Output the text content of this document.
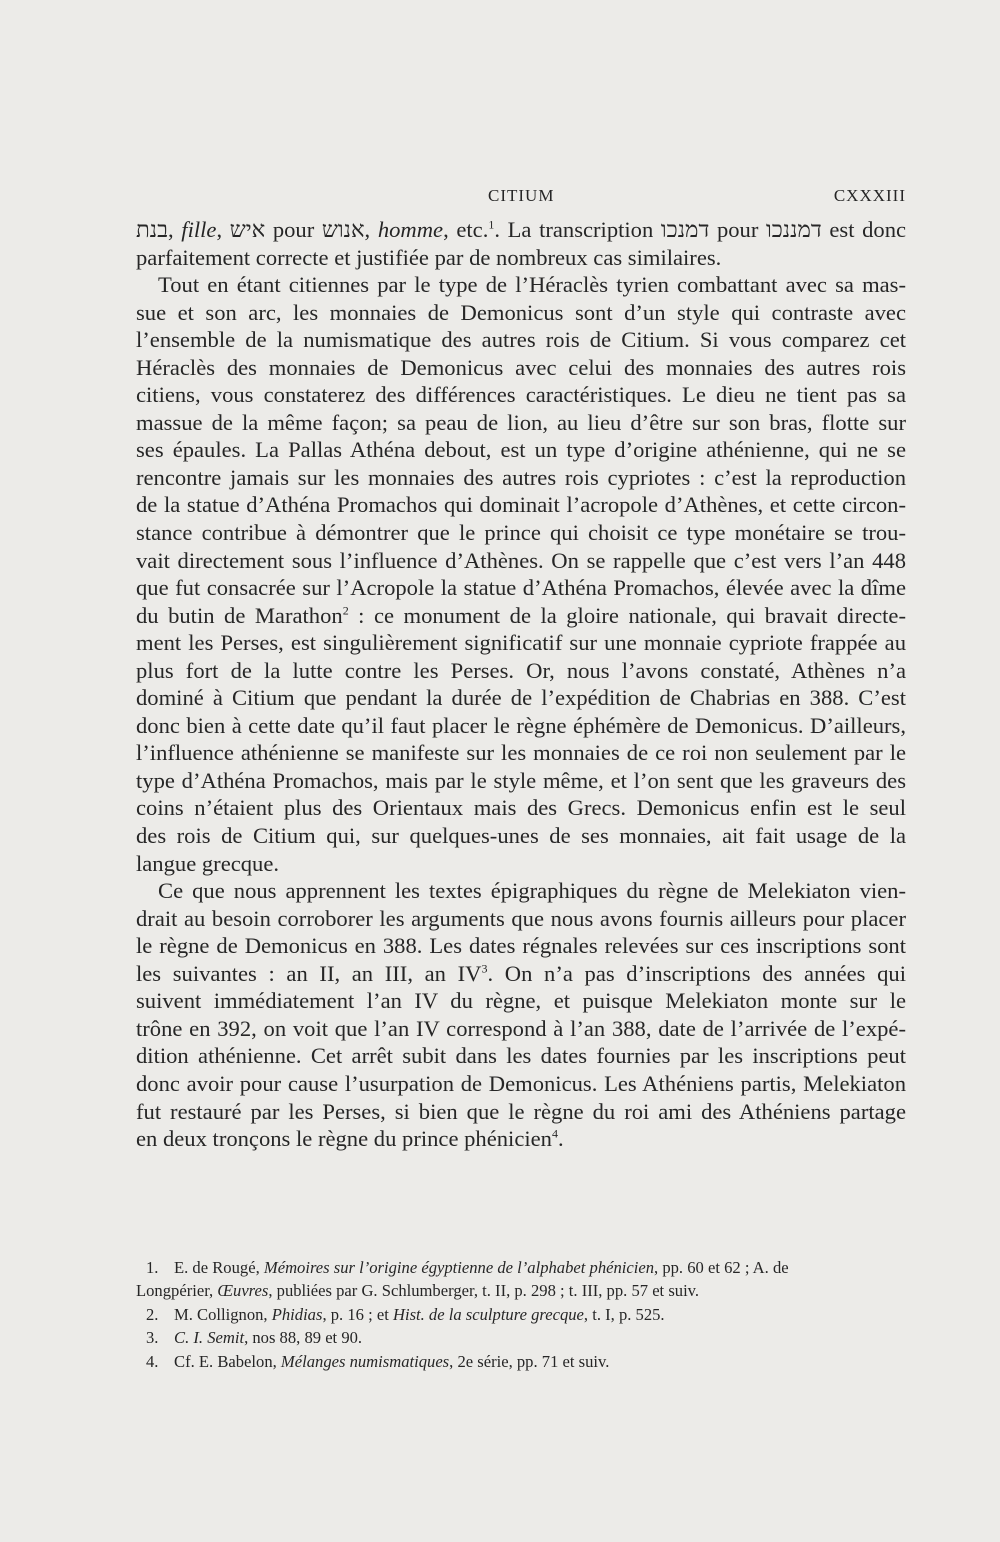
CITIUM	CXXXIII
בנת, fille, איש pour אנוש, homme, etc.$^1$. La transcription דמנכו pour דמננכו est donc
parfaitement correcte et justifiée par de nombreux cas similaires.
Tout en étant citiennes par le type de l’Héraclès tyrien combattant avec sa mas-
sue et son arc, les monnaies de Demonicus sont d’un style qui contraste avec
l’ensemble de la numismatique des autres rois de Citium. Si vous comparez cet
Héraclès des monnaies de Demonicus avec celui des monnaies des autres rois
citiens, vous constaterez des différences caractéristiques. Le dieu ne tient pas sa
massue de la même façon; sa peau de lion, au lieu d’être sur son bras, flotte sur
ses épaules. La Pallas Athéna debout, est un type d’origine athénienne, qui ne se
rencontre jamais sur les monnaies des autres rois cypriotes : c’est la reproduction
de la statue d’Athéna Promachos qui dominait l’acropole d’Athènes, et cette circon-
stance contribue à démontrer que le prince qui choisit ce type monétaire se trou-
vait directement sous l’influence d’Athènes. On se rappelle que c’est vers l’an 448
que fut consacrée sur l’Acropole la statue d’Athéna Promachos, élevée avec la dîme
du butin de Marathon$^2$ : ce monument de la gloire nationale, qui bravait directe-
ment les Perses, est singulièrement significatif sur une monnaie cypriote frappée au
plus fort de la lutte contre les Perses. Or, nous l’avons constaté, Athènes n’a
dominé à Citium que pendant la durée de l’expédition de Chabrias en 388. C’est
donc bien à cette date qu’il faut placer le règne éphémère de Demonicus. D’ailleurs,
l’influence athénienne se manifeste sur les monnaies de ce roi non seulement par le
type d’Athéna Promachos, mais par le style même, et l’on sent que les graveurs des
coins n’étaient plus des Orientaux mais des Grecs. Demonicus enfin est le seul
des rois de Citium qui, sur quelques-unes de ses monnaies, ait fait usage de la
langue grecque.
Ce que nous apprennent les textes épigraphiques du règne de Melekiaton vien-
drait au besoin corroborer les arguments que nous avons fournis ailleurs pour placer
le règne de Demonicus en 388. Les dates régnales relevées sur ces inscriptions sont
les suivantes : an II, an III, an $IV^3$. On n’a pas d’inscriptions des années qui
suivent immédiatement l’an IV du règne, et puisque Melekiaton monte sur le
trône en 392, on voit que l’an IV correspond à l’an 388, date de l’arrivée de l’expé-
dition athénienne. Cet arrêt subit dans les dates fournies par les inscriptions peut
donc avoir pour cause l’usurpation de Demonicus. Les Athéniens partis, Melekiaton
fut restauré par les Perses, si bien que le règne du roi ami des Athéniens partage
en deux tronçons le règne du prince phénicien$^4$.
1. E. de Rougé, Mémoires sur l’origine égyptienne de l’alphabet phénicien, pp. 60 et 62 ; A. de
Longpérier, Œuvres, publiées par G. Schlumberger, t. II, p. 298 ; t. III, pp. 57 et suiv.
2. M. Collignon, Phidias, p. 16 ; et Hist. de la sculpture grecque, t. I, p. 525.
3. C. I. Semit, nos 88, 89 et 90.
4. Cf. E. Babelon, Mélanges numismatiques, 2e série, pp. 71 et suiv.
